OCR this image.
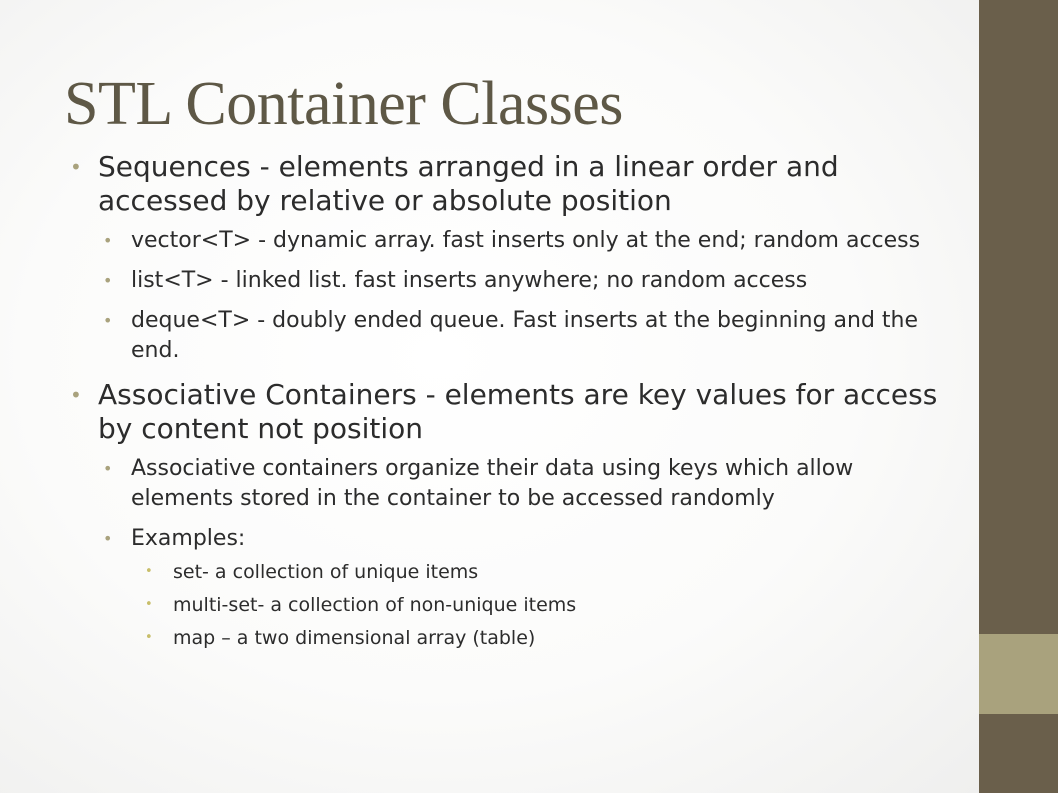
STL Container Classes
• Sequences - elements arranged in a linear order and accessed by relative or absolute position
• vector<T> - dynamic array. fast inserts only at the end; random access
• list<T> - linked list. fast inserts anywhere; no random access
• deque<T> - doubly ended queue. Fast inserts at the beginning and the end.
• Associative Containers - elements are key values for access by content not position
• Associative containers organize their data using keys which allow elements stored in the container to be accessed randomly
• Examples:
• set- a collection of unique items
• multi-set- a collection of non-unique items
• map – a two dimensional array (table)
